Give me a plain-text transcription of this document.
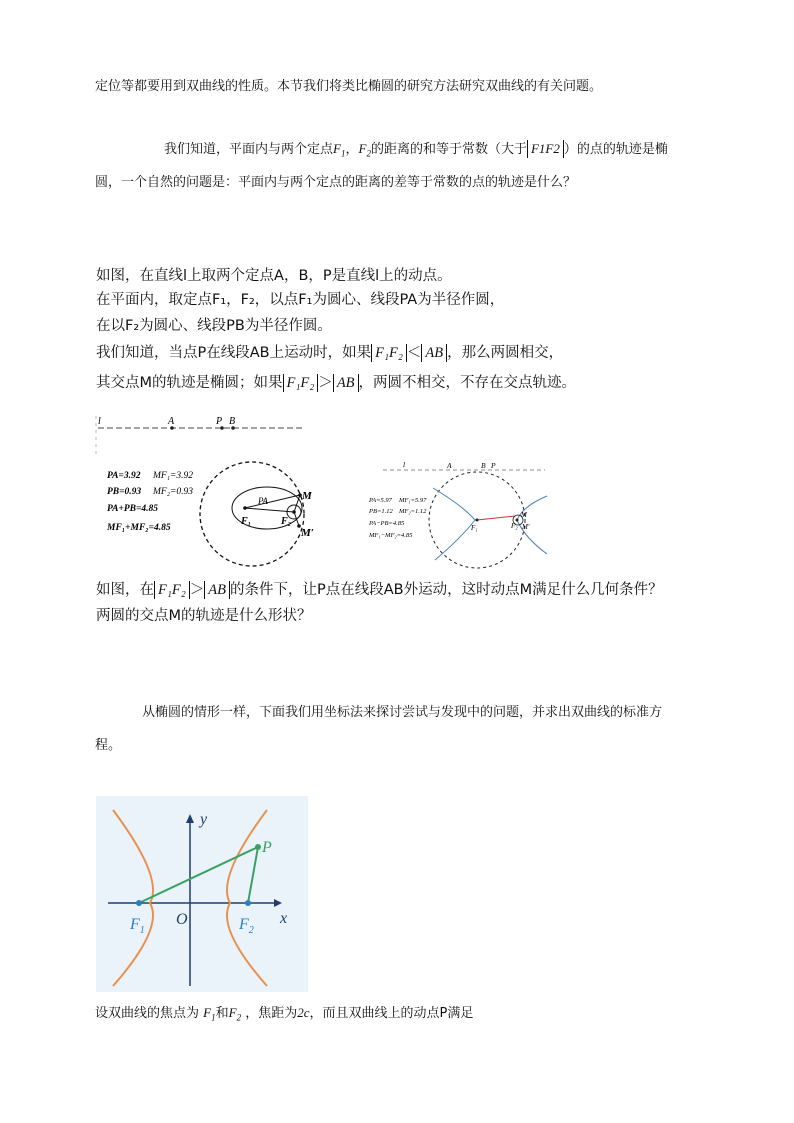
定位等都要用到双曲线的性质。本节我们将类比椭圆的研究方法研究双曲线的有关问题。
我们知道，平面内与两个定点$F_1$，$F_2$的距离的和等于常数（大于 F1F2 ）的点的轨迹是椭
圆，一个自然的问题是：平面内与两个定点的距离的差等于常数的点的轨迹是什么？
如图，在直线l上取两个定点A，B，P是直线l上的动点。
在平面内，取定点F₁，F₂，以点F₁为圆心、线段PA为半径作圆，
在以F₂为圆心、线段PB为半径作圆。
我们知道，当点P在线段AB上运动时，如果 F₁F₂ ＜ AB ，那么两圆相交，
其交点M的轨迹是椭圆；如果 F₁F₂ ＞ AB ，两圆不相交，不存在交点轨迹。
l	A	P B
PA=3.92 MF₁=3.92
PB=0.93 MF₂=0.93
PA+PB=4.85
MF₁+MF₂=4.85
PA	M
M′
F₁	F₂
l	A	B P
PA=5.97 MF₁=5.97
PB=1.12 MF₂=1.12
PA−PB=4.85
MF₁−MF₂=4.85
F₁	F₂
M
M′
如图，在 F₁F₂ ＞ AB 的条件下，让P点在线段AB外运动，这时动点M满足什么几何条件？
两圆的交点M的轨迹是什么形状？
从椭圆的情形一样，下面我们用坐标法来探讨尝试与发现中的问题，并求出双曲线的标准方
程。
y
x
O
P
$F_1$	$F_2$
设双曲线的焦点为 $F_1$和$F_2$ ，焦距为2c，而且双曲线上的动点P满足
